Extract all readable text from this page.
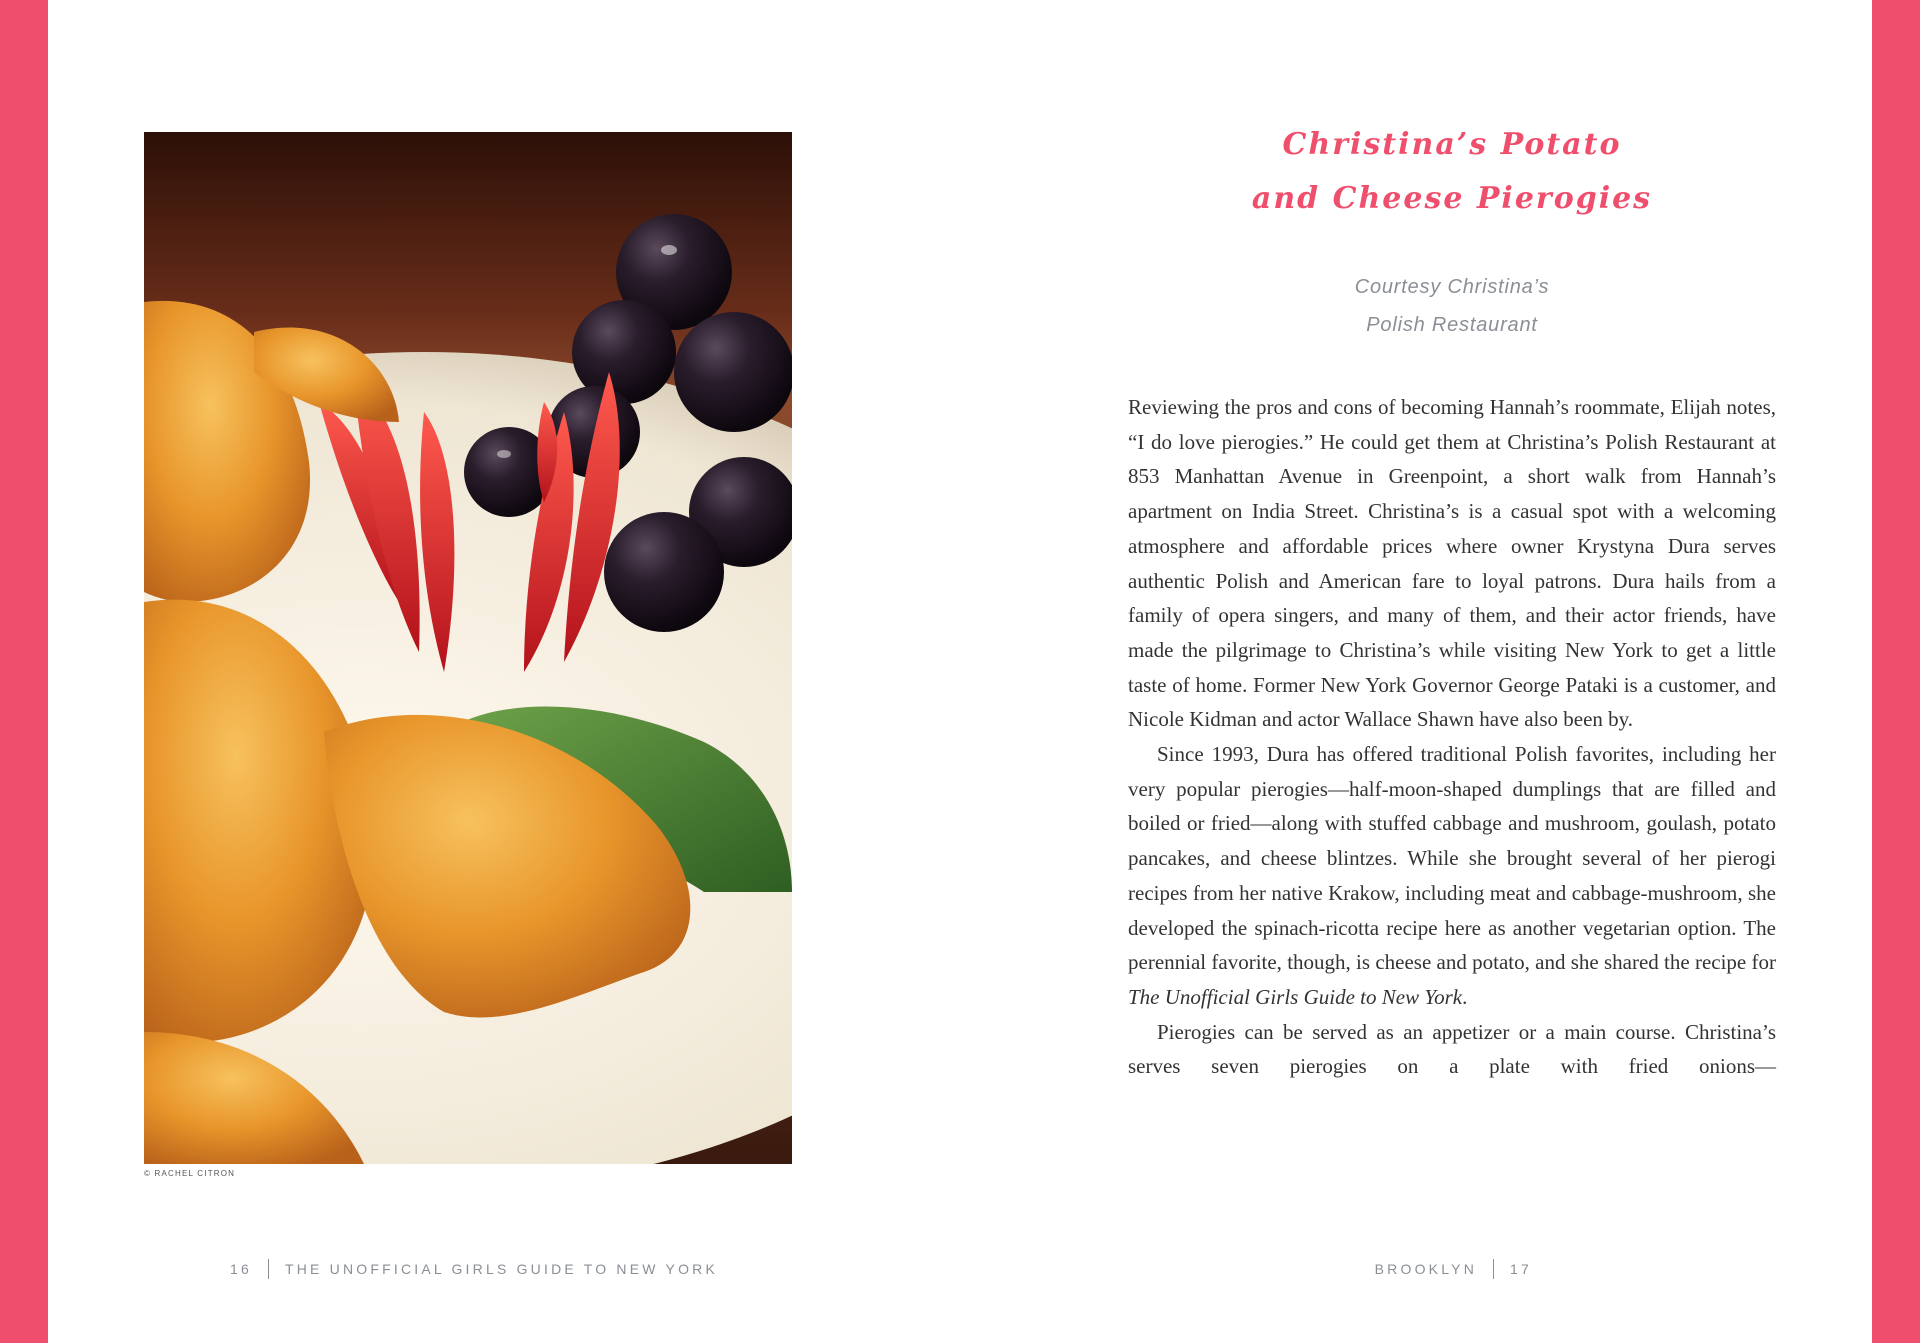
© RACHEL CITRON
16 THE UNOFFICIAL GIRLS GUIDE TO NEW YORK
Christina’s Potato
and Cheese Pierogies
Courtesy Christina’s
Polish Restaurant

Reviewing the pros and cons of becoming Hannah’s roommate, Elijah notes, “I do love pierogies.” He could get them at Christina’s Polish Restaurant at 853 Manhattan Avenue in Greenpoint, a short walk from Hannah’s apartment on India Street. Christina’s is a casual spot with a welcoming atmosphere and affordable prices where owner Krystyna Dura serves authentic Polish and American fare to loyal patrons. Dura hails from a family of opera singers, and many of them, and their actor friends, have made the pilgrimage to Christina’s while visiting New York to get a little taste of home. Former New York Governor George Pataki is a customer, and Nicole Kidman and actor Wallace Shawn have also been by.

Since 1993, Dura has offered traditional Polish favorites, including her very popular pierogies—half-moon-shaped dumplings that are filled and boiled or fried—along with stuffed cabbage and mushroom, goulash, potato pancakes, and cheese blintzes. While she brought several of her pierogi recipes from her native Krakow, including meat and cabbage-mushroom, she developed the spinach-ricotta recipe here as another vegetarian option. The perennial favorite, though, is cheese and potato, and she shared the recipe for The Unofficial Girls Guide to New York.

Pierogies can be served as an appetizer or a main course. Christina’s serves seven pierogies on a plate with fried onions—

BROOKLYN 17
